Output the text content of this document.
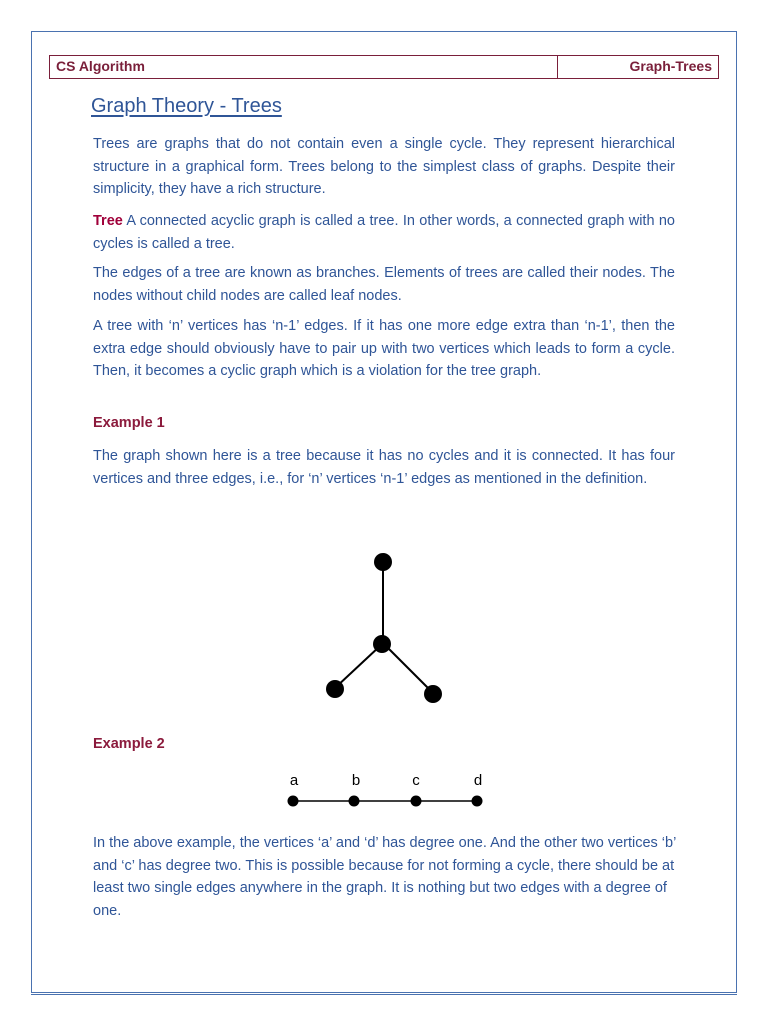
CS Algorithm	Graph-Trees
Graph Theory - Trees

Trees are graphs that do not contain even a single cycle. They represent hierarchical structure in a graphical form. Trees belong to the simplest class of graphs. Despite their simplicity, they have a rich structure.

Tree A connected acyclic graph is called a tree. In other words, a connected graph with no cycles is called a tree.

The edges of a tree are known as branches. Elements of trees are called their nodes. The nodes without child nodes are called leaf nodes.

A tree with ‘n’ vertices has ‘n-1’ edges. If it has one more edge extra than ‘n-1’, then the extra edge should obviously have to pair up with two vertices which leads to form a cycle. Then, it becomes a cyclic graph which is a violation for the tree graph.

Example 1

The graph shown here is a tree because it has no cycles and it is connected. It has four vertices and three edges, i.e., for ‘n’ vertices ‘n-1’ edges as mentioned in the definition.

Example 2
a	b	c	d

In the above example, the vertices ‘a’ and ‘d’ has degree one. And the other two vertices ‘b’ and ‘c’ has degree two. This is possible because for not forming a cycle, there should be at least two single edges anywhere in the graph. It is nothing but two edges with a degree of one.
